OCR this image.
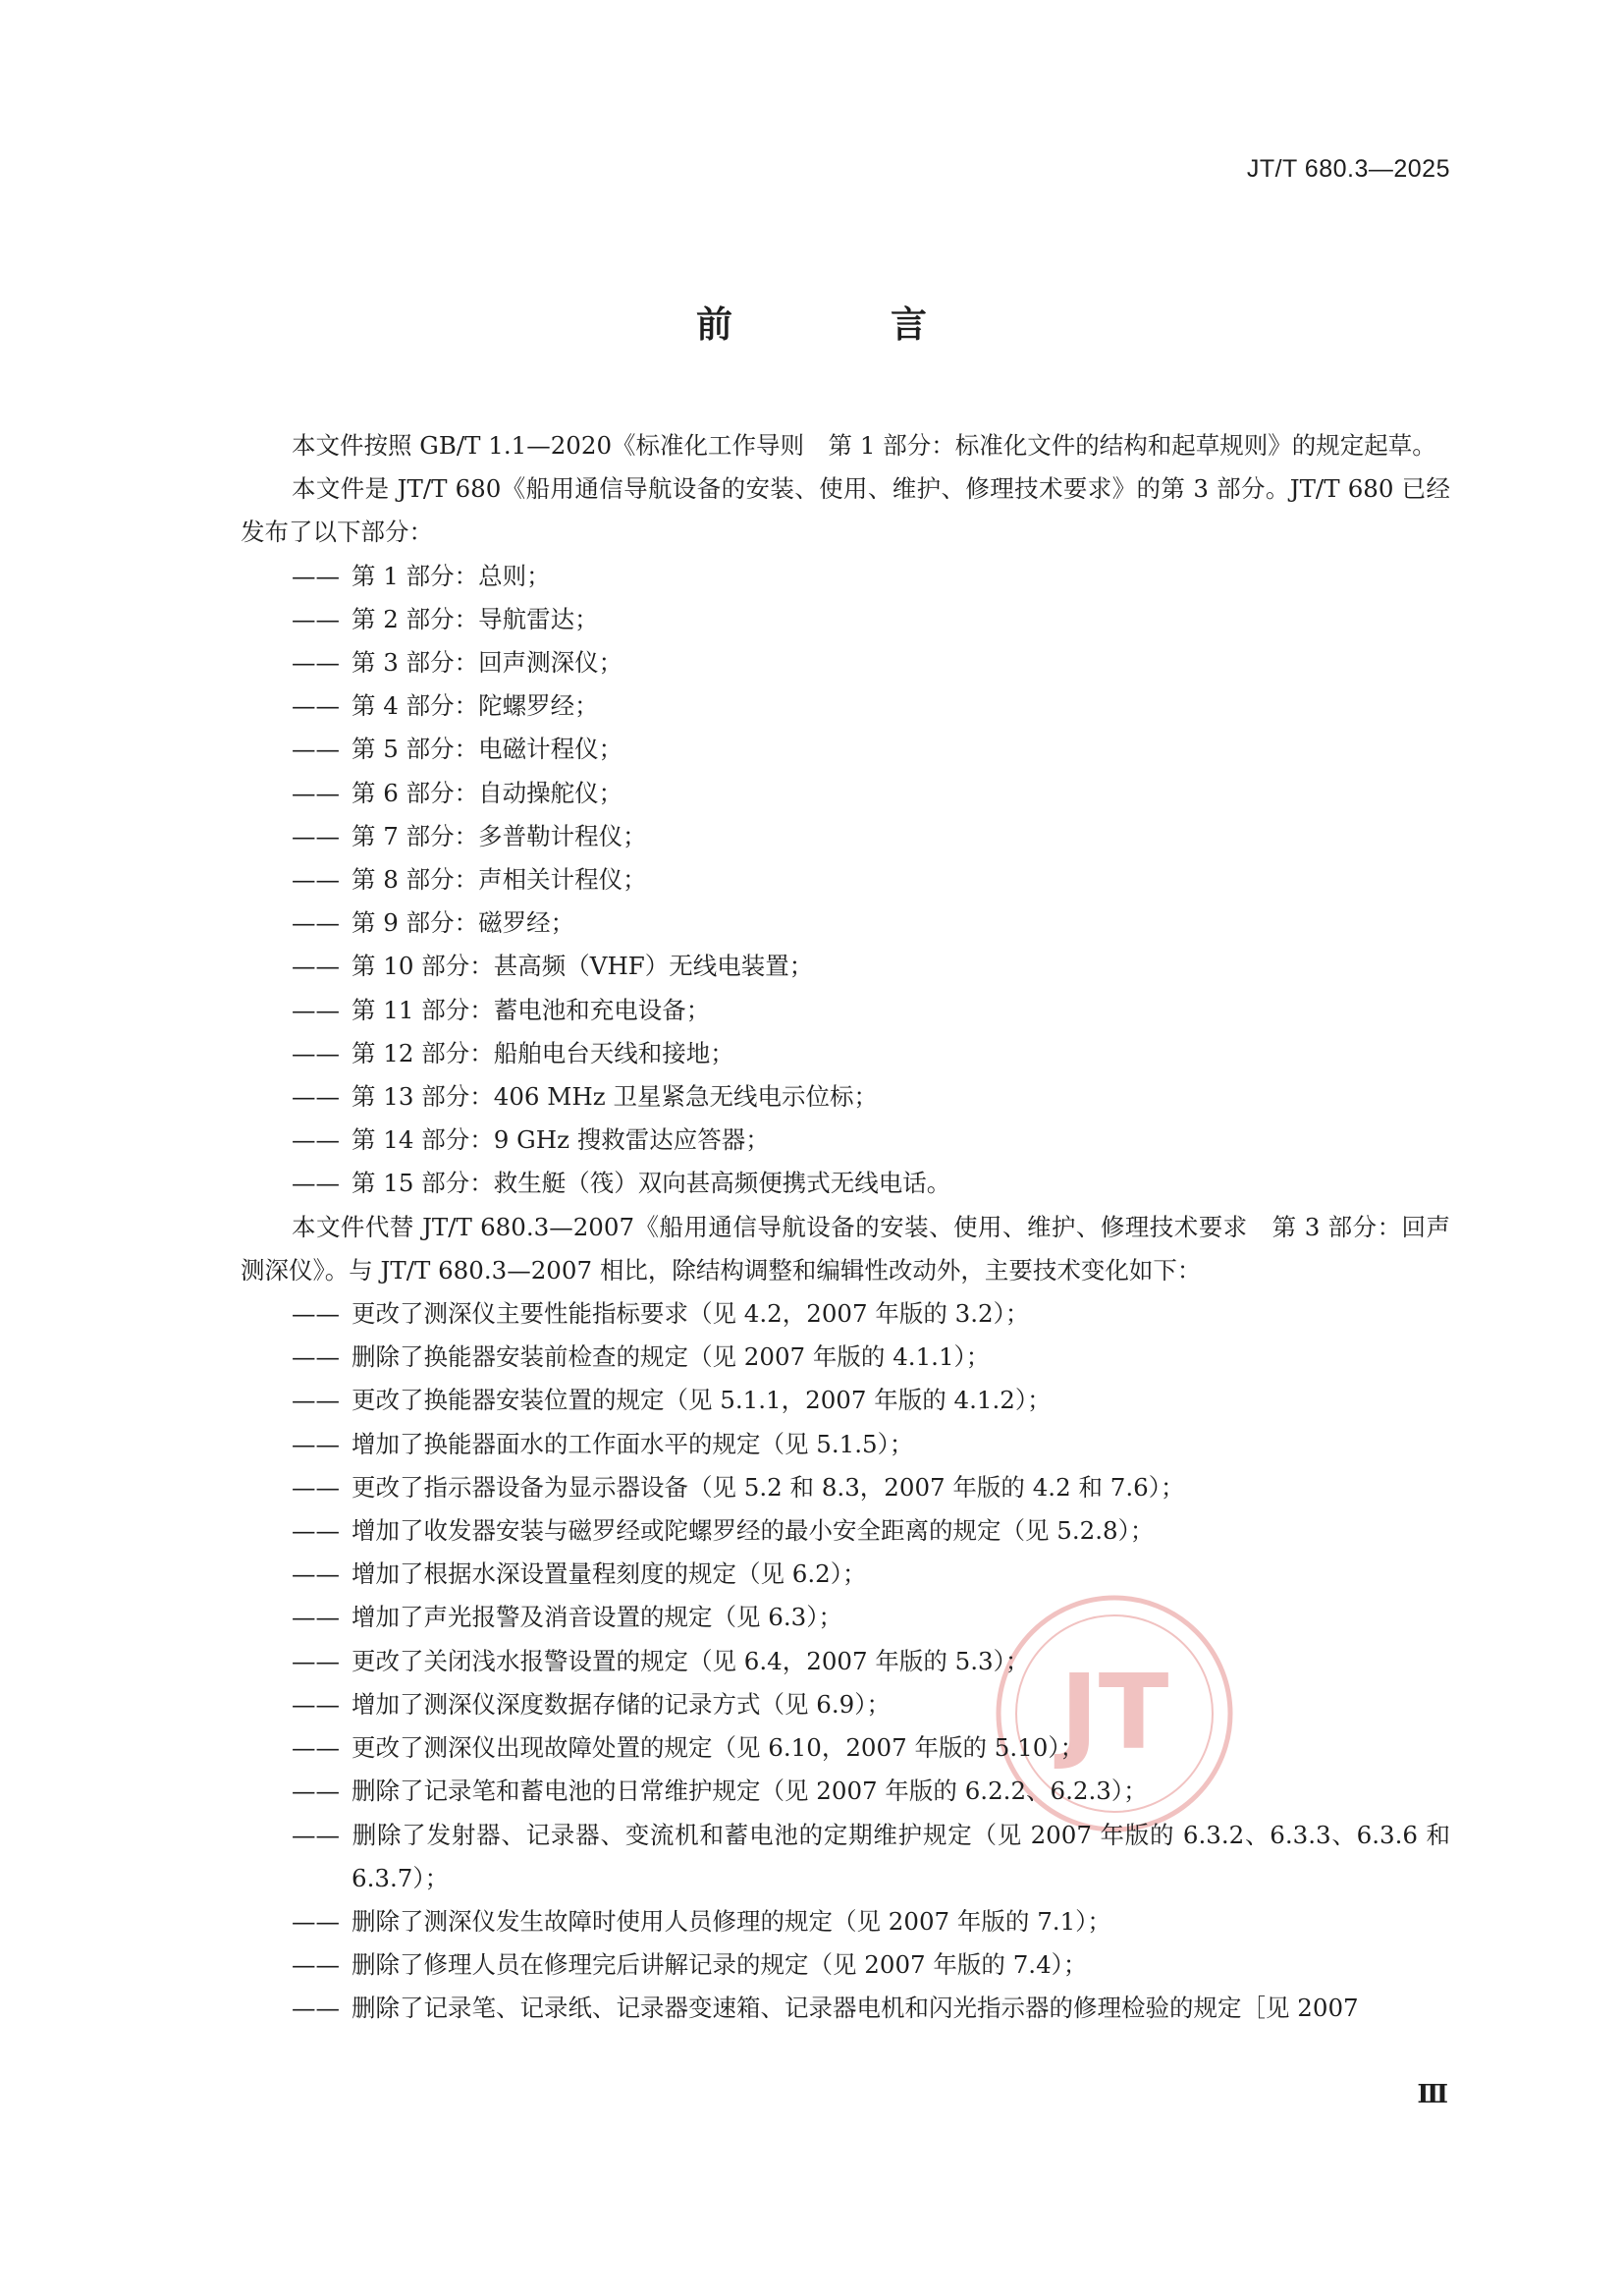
JT/T 680.3—2025
前　言
JT

本文件按照 GB/T 1.1—2020《标准化工作导则　第 1 部分：标准化文件的结构和起草规则》的规定起草。

本文件是 JT/T 680《船用通信导航设备的安装、使用、维护、修理技术要求》的第 3 部分。JT/T 680 已经发布了以下部分：

—— 第 1 部分：总则；

—— 第 2 部分：导航雷达；

—— 第 3 部分：回声测深仪；

—— 第 4 部分：陀螺罗经；

—— 第 5 部分：电磁计程仪；

—— 第 6 部分：自动操舵仪；

—— 第 7 部分：多普勒计程仪；

—— 第 8 部分：声相关计程仪；

—— 第 9 部分：磁罗经；

—— 第 10 部分：甚高频（VHF）无线电装置；

—— 第 11 部分：蓄电池和充电设备；

—— 第 12 部分：船舶电台天线和接地；

—— 第 13 部分：406 MHz 卫星紧急无线电示位标；

—— 第 14 部分：9 GHz 搜救雷达应答器；

—— 第 15 部分：救生艇（筏）双向甚高频便携式无线电话。

本文件代替 JT/T 680.3—2007《船用通信导航设备的安装、使用、维护、修理技术要求　第 3 部分：回声测深仪》。与 JT/T 680.3—2007 相比，除结构调整和编辑性改动外，主要技术变化如下：

—— 更改了测深仪主要性能指标要求（见 4.2，2007 年版的 3.2）；

—— 删除了换能器安装前检查的规定（见 2007 年版的 4.1.1）；

—— 更改了换能器安装位置的规定（见 5.1.1，2007 年版的 4.1.2）；

—— 增加了换能器面水的工作面水平的规定（见 5.1.5）；

—— 更改了指示器设备为显示器设备（见 5.2 和 8.3，2007 年版的 4.2 和 7.6）；

—— 增加了收发器安装与磁罗经或陀螺罗经的最小安全距离的规定（见 5.2.8）；

—— 增加了根据水深设置量程刻度的规定（见 6.2）；

—— 增加了声光报警及消音设置的规定（见 6.3）；

—— 更改了关闭浅水报警设置的规定（见 6.4，2007 年版的 5.3）；

—— 增加了测深仪深度数据存储的记录方式（见 6.9）；

—— 更改了测深仪出现故障处置的规定（见 6.10，2007 年版的 5.10）；

—— 删除了记录笔和蓄电池的日常维护规定（见 2007 年版的 6.2.2、6.2.3）；

—— 删除了发射器、记录器、变流机和蓄电池的定期维护规定（见 2007 年版的 6.3.2、6.3.3、6.3.6 和 6.3.7）；

—— 删除了测深仪发生故障时使用人员修理的规定（见 2007 年版的 7.1）；

—— 删除了修理人员在修理完后讲解记录的规定（见 2007 年版的 7.4）；

—— 删除了记录笔、记录纸、记录器变速箱、记录器电机和闪光指示器的修理检验的规定［见 2007

Ⅲ
